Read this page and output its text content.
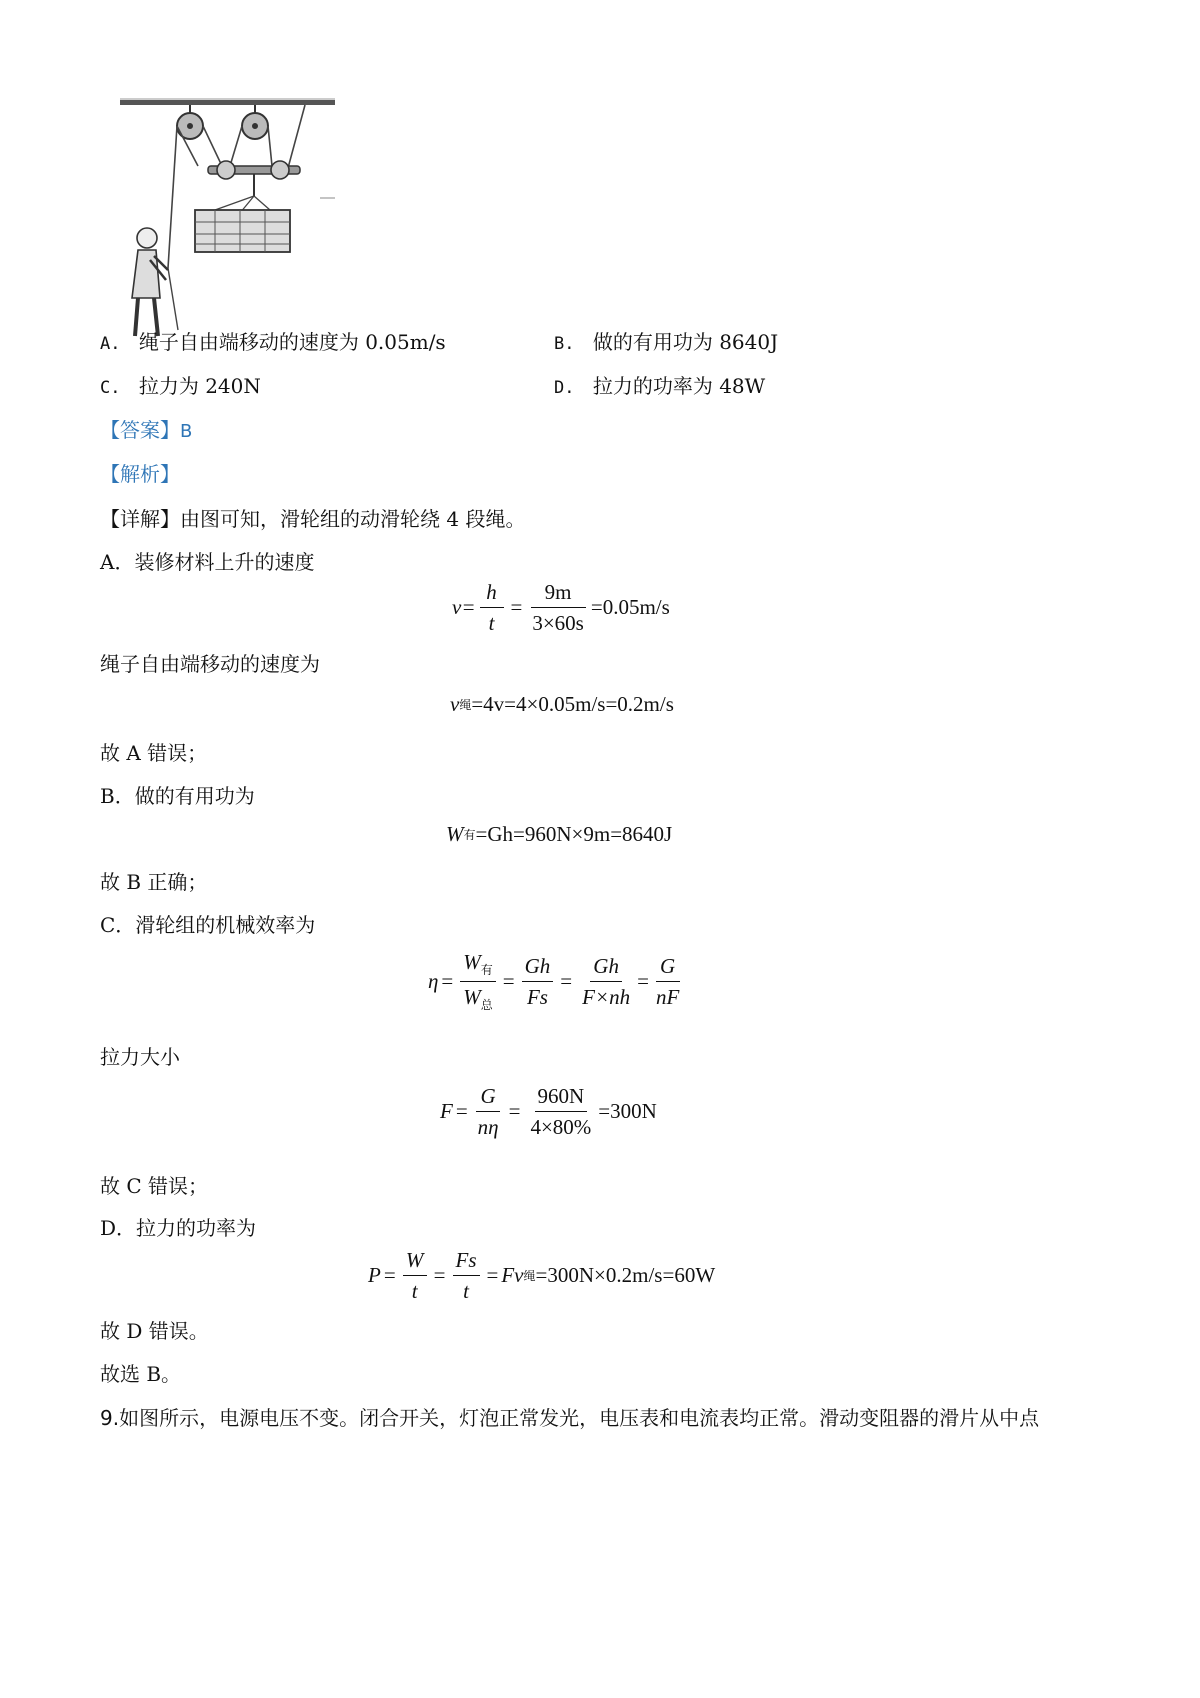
A. 绳子自由端移动的速度为 0.05m/s	B. 做的有用功为 8640J
C. 拉力为 240N	D. 拉力的功率为 48W
【答案】B
【解析】
【详解】由图可知，滑轮组的动滑轮绕 4 段绳。
A．装修材料上升的速度
$v= \frac{h}{t} = \frac{9m}{3\times 60s} =0.05m/s$
绳子自由端移动的速度为
v 绳 =4v=4×0.05m/s=0.2m/s
故 A 错误；
B．做的有用功为
W 有 =Gh=960N×9m=8640J
故 B 正确；
C．滑轮组的机械效率为
$\eta = \frac{W_有}{W_总} = \frac{Gh}{Fs} = \frac{Gh}{F\times nh} = \frac{G}{nF}$
拉力大小
$F = \frac{G}{n\eta} = \frac{960N}{4\times 80\%} =300N$
故 C 错误；
D．拉力的功率为
$P = \frac{W}{t} = \frac{Fs}{t} = Fv$ 绳 =300N×0.2m/s=60W
故 D 错误。
故选 B。
9.如图所示，电源电压不变。闭合开关，灯泡正常发光，电压表和电流表均正常。滑动变阻器的滑片从中点
